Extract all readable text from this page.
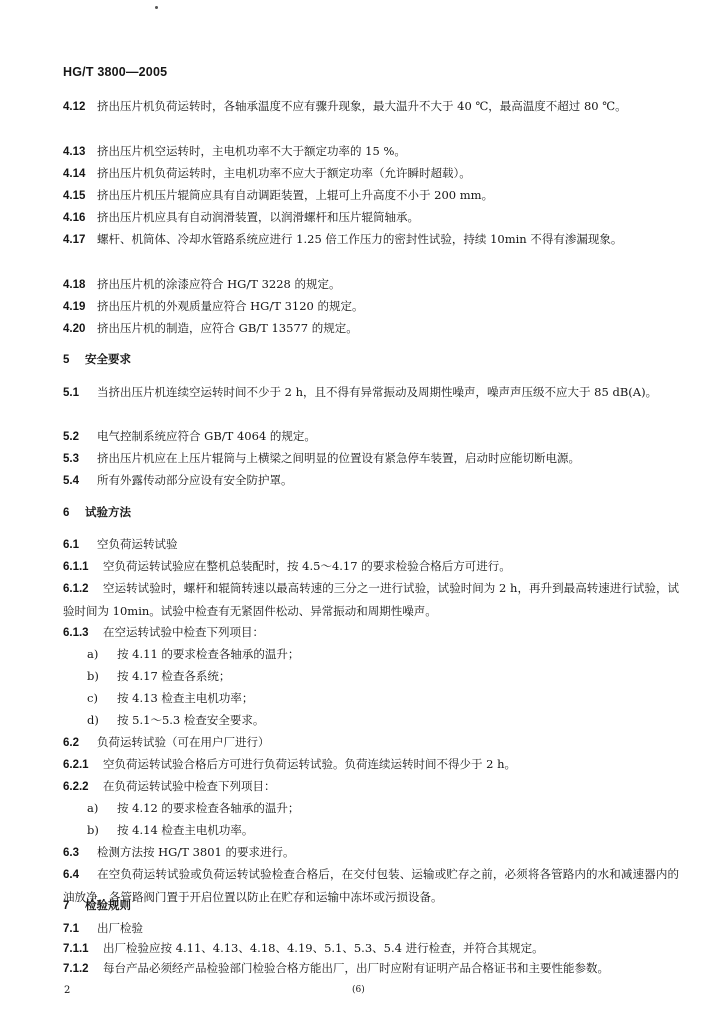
HG/T 3800—2005
4.12 挤出压片机负荷运转时，各轴承温度不应有骤升现象，最大温升不大于 40 ℃，最高温度不超过 80 ℃。
4.13 挤出压片机空运转时，主电机功率不大于额定功率的 15 %。
4.14 挤出压片机负荷运转时，主电机功率不应大于额定功率（允许瞬时超载）。
4.15 挤出压片机压片辊筒应具有自动调距装置，上辊可上升高度不小于 200 mm。
4.16 挤出压片机应具有自动润滑装置，以润滑螺杆和压片辊筒轴承。
4.17 螺杆、机筒体、冷却水管路系统应进行 1.25 倍工作压力的密封性试验，持续 10min 不得有渗漏现象。
4.18 挤出压片机的涂漆应符合 HG/T 3228 的规定。
4.19 挤出压片机的外观质量应符合 HG/T 3120 的规定。
4.20 挤出压片机的制造，应符合 GB/T 13577 的规定。
5 安全要求
5.1 当挤出压片机连续空运转时间不少于 2 h，且不得有异常振动及周期性噪声，噪声声压级不应大于 85 dB(A)。
5.2 电气控制系统应符合 GB/T 4064 的规定。
5.3 挤出压片机应在上压片辊筒与上横梁之间明显的位置设有紧急停车装置，启动时应能切断电源。
5.4 所有外露传动部分应设有安全防护罩。
6 试验方法
6.1 空负荷运转试验
6.1.1 空负荷运转试验应在整机总装配时，按 4.5～4.17 的要求检验合格后方可进行。
6.1.2 空运转试验时，螺杆和辊筒转速以最高转速的三分之一进行试验，试验时间为 2 h，再升到最高转速进行试验，试验时间为 10min。试验中检查有无紧固件松动、异常振动和周期性噪声。
6.1.3 在空运转试验中检查下列项目：
a) 按 4.11 的要求检查各轴承的温升；
b) 按 4.17 检查各系统；
c) 按 4.13 检查主电机功率；
d) 按 5.1～5.3 检查安全要求。
6.2 负荷运转试验（可在用户厂进行）
6.2.1 空负荷运转试验合格后方可进行负荷运转试验。负荷连续运转时间不得少于 2 h。
6.2.2 在负荷运转试验中检查下列项目：
a) 按 4.12 的要求检查各轴承的温升；
b) 按 4.14 检查主电机功率。
6.3 检测方法按 HG/T 3801 的要求进行。
6.4 在空负荷运转试验或负荷运转试验检查合格后，在交付包装、运输或贮存之前，必须将各管路内的水和减速器内的油放净，各管路阀门置于开启位置以防止在贮存和运输中冻坏或污损设备。
7 检验规则
7.1 出厂检验
7.1.1 出厂检验应按 4.11、4.13、4.18、4.19、5.1、5.3、5.4 进行检查，并符合其规定。
7.1.2 每台产品必须经产品检验部门检验合格方能出厂，出厂时应附有证明产品合格证书和主要性能参数。
2	(6)
